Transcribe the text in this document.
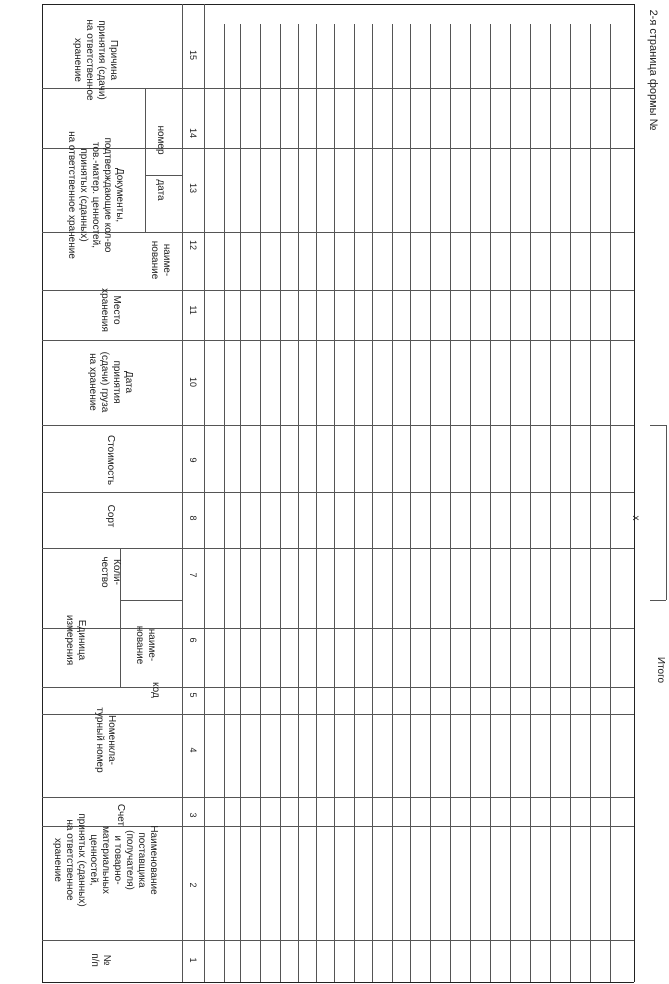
2-я страница формы №
№
п/п
Наименование
поставщика
(получателя)
и товарно-
материальных
ценностей,
принятых (сданных)
на ответственное
хранение
Счет
Номенкла-
турный номер
Единица
измерения
код
наиме-
нование
Коли-
чество
Сорт
Стоимость
Дата
принятия
(сдачи) груза
на хранение
Место
хранения
Документы,
подтверждающие кол-во
тов.-матер. ценностей,
принятых (сданных)
на ответственное хранение
наиме-
нование
дата
номер
Причина
принятия (сдачи)
на ответственное
хранение
1
2
3
4
5
6
7
8
9
10
11
12
13
14
15
Итого
x
